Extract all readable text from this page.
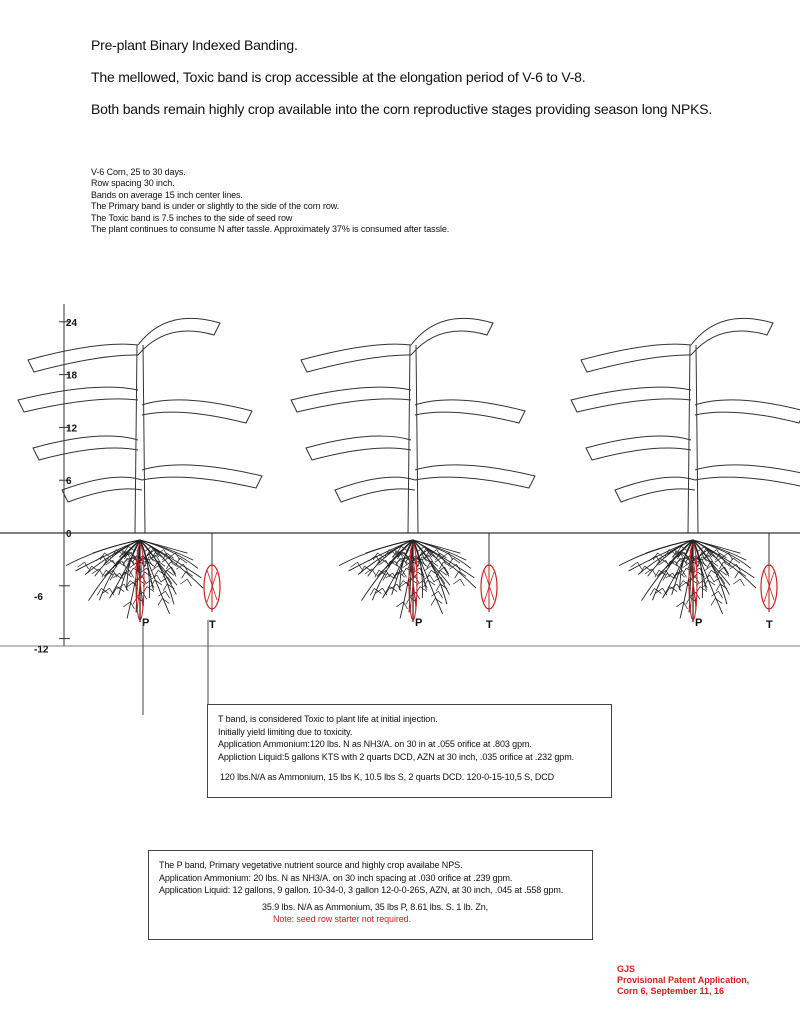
Pre-plant Binary Indexed Banding.
The mellowed, Toxic band is crop accessible at the elongation period of V-6 to V-8.
Both bands remain highly crop available into the corn reproductive stages providing season long NPKS.
V-6 Corn, 25 to 30 days.
Row spacing 30 inch.
Bands on average 15 inch center lines.
The Primary band is under or slightly to the side of the corn row.
The Toxic band is 7.5 inches to the side of seed row
The plant continues to consume N after tassle. Approximately 37% is consumed after tassle.
24
18
12
6
0
-6
-12
P	T	P	T	P	T
T band, is considered Toxic to plant life at initial injection.
Initially yield limiting due to toxicity.
Application Ammonium:120 lbs. N as NH3/A. on 30 in at .055 orifice at .803 gpm.
Appliction Liquid:5 gallons KTS with 2 quarts DCD, AZN at 30 inch, .035 orifice at .232 gpm.
120 lbs.N/A as Ammonium, 15 lbs K, 10.5 lbs S, 2 quarts DCD. 120-0-15-10,5 S, DCD
The P band, Primary vegetative nutrient source and highly crop availabe NPS.
Application Ammonium: 20 lbs. N as NH3/A. on 30 inch spacing at .030 orifice at .239 gpm.
Application Liquid: 12 gallons, 9 gallon. 10-34-0, 3 gallon 12-0-0-26S, AZN, at 30 inch, .045 at .558 gpm.
35.9 lbs. N/A as Ammonium, 35 lbs P, 8.61 lbs. S. 1 lb. Zn,
Note: seed row starter not required.
GJS
Provisional Patent Application,
Corn 6, September 11, 16
